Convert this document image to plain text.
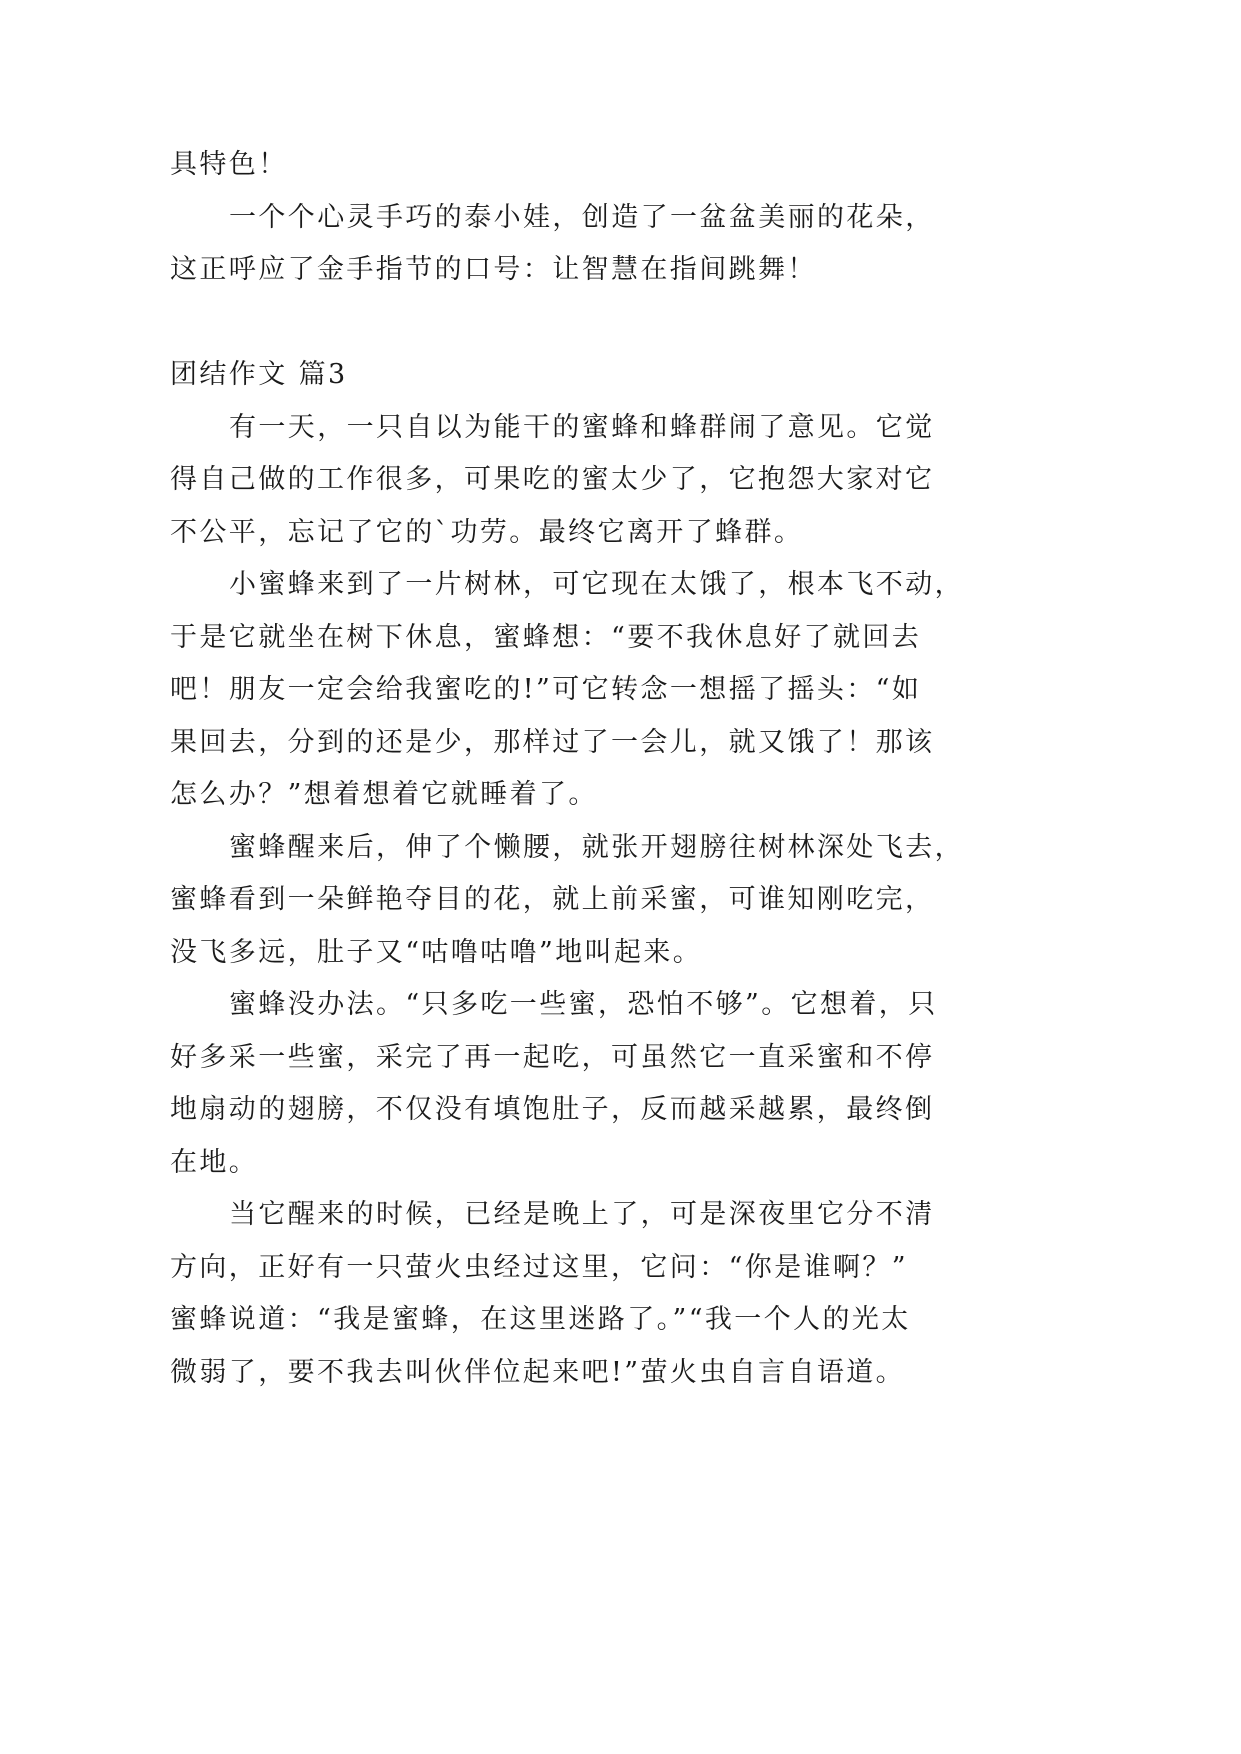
具特色！
一个个心灵手巧的泰小娃，创造了一盆盆美丽的花朵，
这正呼应了金手指节的口号：让智慧在指间跳舞！
团结作文 篇3
有一天，一只自以为能干的蜜蜂和蜂群闹了意见。它觉
得自己做的工作很多，可果吃的蜜太少了，它抱怨大家对它
不公平，忘记了它的`功劳。最终它离开了蜂群。
小蜜蜂来到了一片树林，可它现在太饿了，根本飞不动，
于是它就坐在树下休息，蜜蜂想：“要不我休息好了就回去
吧！朋友一定会给我蜜吃的!”可它转念一想摇了摇头：“如
果回去，分到的还是少，那样过了一会儿，就又饿了！那该
怎么办？”想着想着它就睡着了。
蜜蜂醒来后，伸了个懒腰，就张开翅膀往树林深处飞去，
蜜蜂看到一朵鲜艳夺目的花，就上前采蜜，可谁知刚吃完，
没飞多远，肚子又“咕噜咕噜”地叫起来。
蜜蜂没办法。“只多吃一些蜜，恐怕不够”。它想着，只
好多采一些蜜，采完了再一起吃，可虽然它一直采蜜和不停
地扇动的翅膀，不仅没有填饱肚子，反而越采越累，最终倒
在地。
当它醒来的时候，已经是晚上了，可是深夜里它分不清
方向，正好有一只萤火虫经过这里，它问：“你是谁啊？”
蜜蜂说道：“我是蜜蜂，在这里迷路了。”“我一个人的光太
微弱了，要不我去叫伙伴位起来吧!”萤火虫自言自语道。
